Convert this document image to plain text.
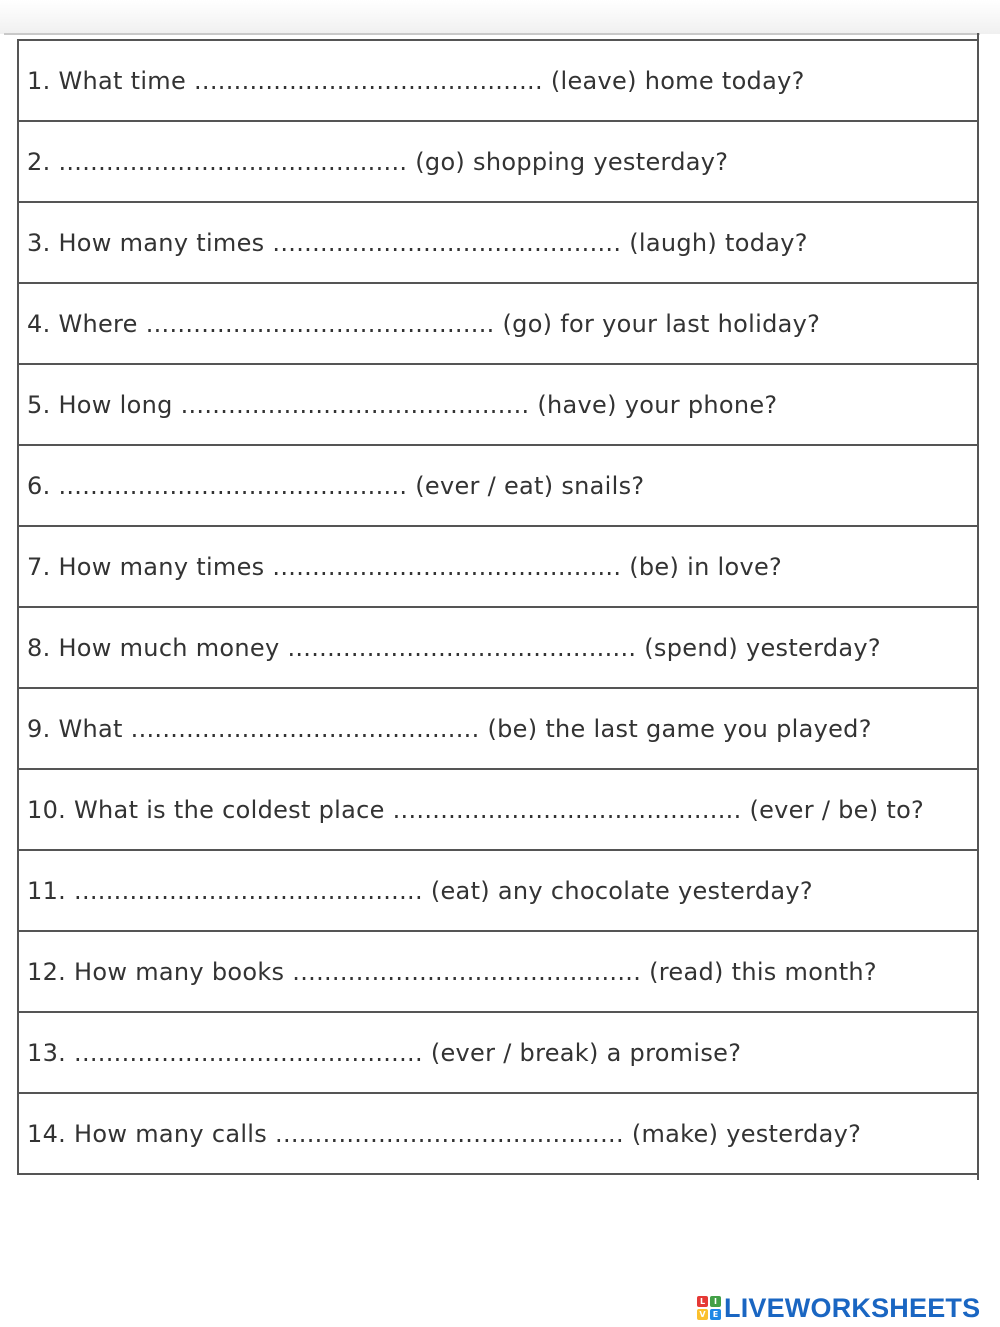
1. What time ............................................ (leave) home today?
2. ............................................ (go) shopping yesterday?
3. How many times ............................................ (laugh) today?
4. Where ............................................ (go) for your last holiday?
5. How long ............................................ (have) your phone?
6. ............................................ (ever / eat) snails?
7. How many times ............................................ (be) in love?
8. How much money ............................................ (spend) yesterday?
9. What ............................................ (be) the last game you played?
10. What is the coldest place ............................................ (ever / be) to?
11. ............................................ (eat) any chocolate yesterday?
12. How many books ............................................ (read) this month?
13. ............................................ (ever / break) a promise?
14. How many calls ............................................ (make) yesterday?
L	I
V E LIVEWORKSHEETS
